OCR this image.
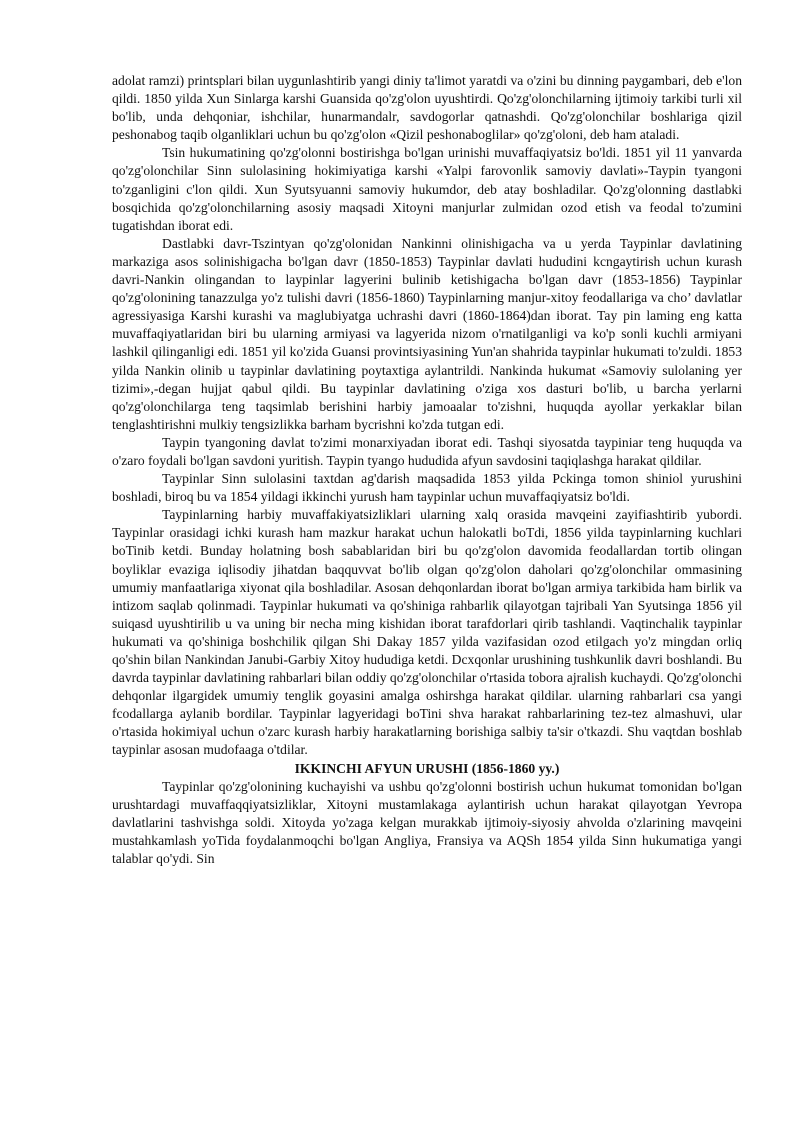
adolat ramzi) printsplari bilan uygunlashtirib yangi diniy ta'limot yaratdi va o'zini bu dinning paygambari, deb e'lon qildi. 1850 yilda Xun Sinlarga karshi Guansida qo'zg'olon uyushtirdi. Qo'zg'olonchilarning ijtimoiy tarkibi turli xil bo'lib, unda dehqoniar, ishchilar, hunarmandalr, savdogorlar qatnashdi. Qo'zg'olonchilar boshlariga qizil peshonabog taqib olganliklari uchun bu qo'zg'olon «Qizil peshonaboglilar» qo'zg'oloni, deb ham ataladi.

Tsin hukumatining qo'zg'olonni bostirishga bo'lgan urinishi muvaffaqiyatsiz bo'ldi. 1851 yil 11 yanvarda qo'zg'olonchilar Sinn sulolasining hokimiyatiga karshi «Yalpi farovonlik samoviy davlati»-Taypin tyangoni to'zganligini c'lon qildi. Xun Syutsyuanni samoviy hukumdor, deb atay boshladilar. Qo'zg'olonning dastlabki bosqichida qo'zg'olonchilarning asosiy maqsadi Xitoyni manjurlar zulmidan ozod etish va feodal to'zumini tugatishdan iborat edi.

Dastlabki davr-Tszintyan qo'zg'olonidan Nankinni olinishigacha va u yerda Taypinlar davlatining markaziga asos solinishigacha bo'lgan davr (1850-1853) Taypinlar davlati hududini kcngaytirish uchun kurash davri-Nankin olingandan to laypinlar lagyerini bulinib ketishigacha bo'lgan davr (1853-1856) Taypinlar qo'zg'olonining tanazzulga yo'z tulishi davri (1856-1860) Taypinlarning manjur-xitoy feodallariga va cho’ davlatlar agressiyasiga Karshi kurashi va maglubiyatga uchrashi davri (1860-1864)dan iborat. Tay pin laming eng katta muvaffaqiyatlaridan biri bu ularning armiyasi va lagyerida nizom o'rnatilganligi va ko'p sonli kuchli armiyani lashkil qilinganligi edi. 1851 yil ko'zida Guansi provintsiyasining Yun'an shahrida taypinlar hukumati to'zuldi. 1853 yilda Nankin olinib u taypinlar davlatining poytaxtiga aylantrildi. Nankinda hukumat «Samoviy sulolaning yer tizimi»,-degan hujjat qabul qildi. Bu taypinlar davlatining o'ziga xos dasturi bo'lib, u barcha yerlarni qo'zg'olonchilarga teng taqsimlab berishini harbiy jamoaalar to'zishni, huquqda ayollar yerkaklar bilan tenglashtirishni mulkiy tengsizlikka barham bycrishni ko'zda tutgan edi.

Taypin tyangoning davlat to'zimi monarxiyadan iborat edi. Tashqi siyosatda taypiniar teng huquqda va o'zaro foydali bo'lgan savdoni yuritish. Taypin tyango hududida afyun savdosini taqiqlashga harakat qildilar.

Taypinlar Sinn sulolasini taxtdan ag'darish maqsadida 1853 yilda Pckinga tomon shiniol yurushini boshladi, biroq bu va 1854 yildagi ikkinchi yurush ham taypinlar uchun muvaffaqiyatsiz bo'ldi.

Taypinlarning harbiy muvaffakiyatsizliklari ularning xalq orasida mavqeini zayifiashtirib yubordi. Taypinlar orasidagi ichki kurash ham mazkur harakat uchun halokatli boTdi, 1856 yilda taypinlarning kuchlari boTinib ketdi. Bunday holatning bosh sabablaridan biri bu qo'zg'olon davomida feodallardan tortib olingan boyliklar evaziga iqlisodiy jihatdan baqquvvat bo'lib olgan qo'zg'olon daholari qo'zg'olonchilar ommasining umumiy manfaatlariga xiyonat qila boshladilar. Asosan dehqonlardan iborat bo'lgan armiya tarkibida ham birlik va intizom saqlab qolinmadi. Taypinlar hukumati va qo'shiniga rahbarlik qilayotgan tajribali Yan Syutsinga 1856 yil suiqasd uyushtirilib u va uning bir necha ming kishidan iborat tarafdorlari qirib tashlandi. Vaqtinchalik taypinlar hukumati va qo'shiniga boshchilik qilgan Shi Dakay 1857 yilda vazifasidan ozod etilgach yo'z mingdan orliq qo'shin bilan Nankindan Janubi-Garbiy Xitoy hududiga ketdi. Dcxqonlar urushining tushkunlik davri boshlandi. Bu davrda taypinlar davlatining rahbarlari bilan oddiy qo'zg'olonchilar o'rtasida tobora ajralish kuchaydi. Qo'zg'olonchi dehqonlar ilgargidek umumiy tenglik goyasini amalga oshirshga harakat qildilar. ularning rahbarlari csa yangi fcodallarga aylanib bordilar. Taypinlar lagyeridagi boTini shva harakat rahbarlarining tez-tez almashuvi, ular o'rtasida hokimiyal uchun o'zarc kurash harbiy harakatlarning borishiga salbiy ta'sir o'tkazdi. Shu vaqtdan boshlab taypinlar asosan mudofaaga o'tdilar.

IKKINCHI AFYUN URUSHI (1856-1860 yy.)

Taypinlar qo'zg'olonining kuchayishi va ushbu qo'zg'olonni bostirish uchun hukumat tomonidan bo'lgan urushtardagi muvaffaqqiyatsizliklar, Xitoyni mustamlakaga aylantirish uchun harakat qilayotgan Yevropa davlatlarini tashvishga soldi. Xitoyda yo'zaga kelgan murakkab ijtimoiy-siyosiy ahvolda o'zlarining mavqeini mustahkamlash yoTida foydalanmoqchi bo'lgan Angliya, Fransiya va AQSh 1854 yilda Sinn hukumatiga yangi talablar qo'ydi. Sin
